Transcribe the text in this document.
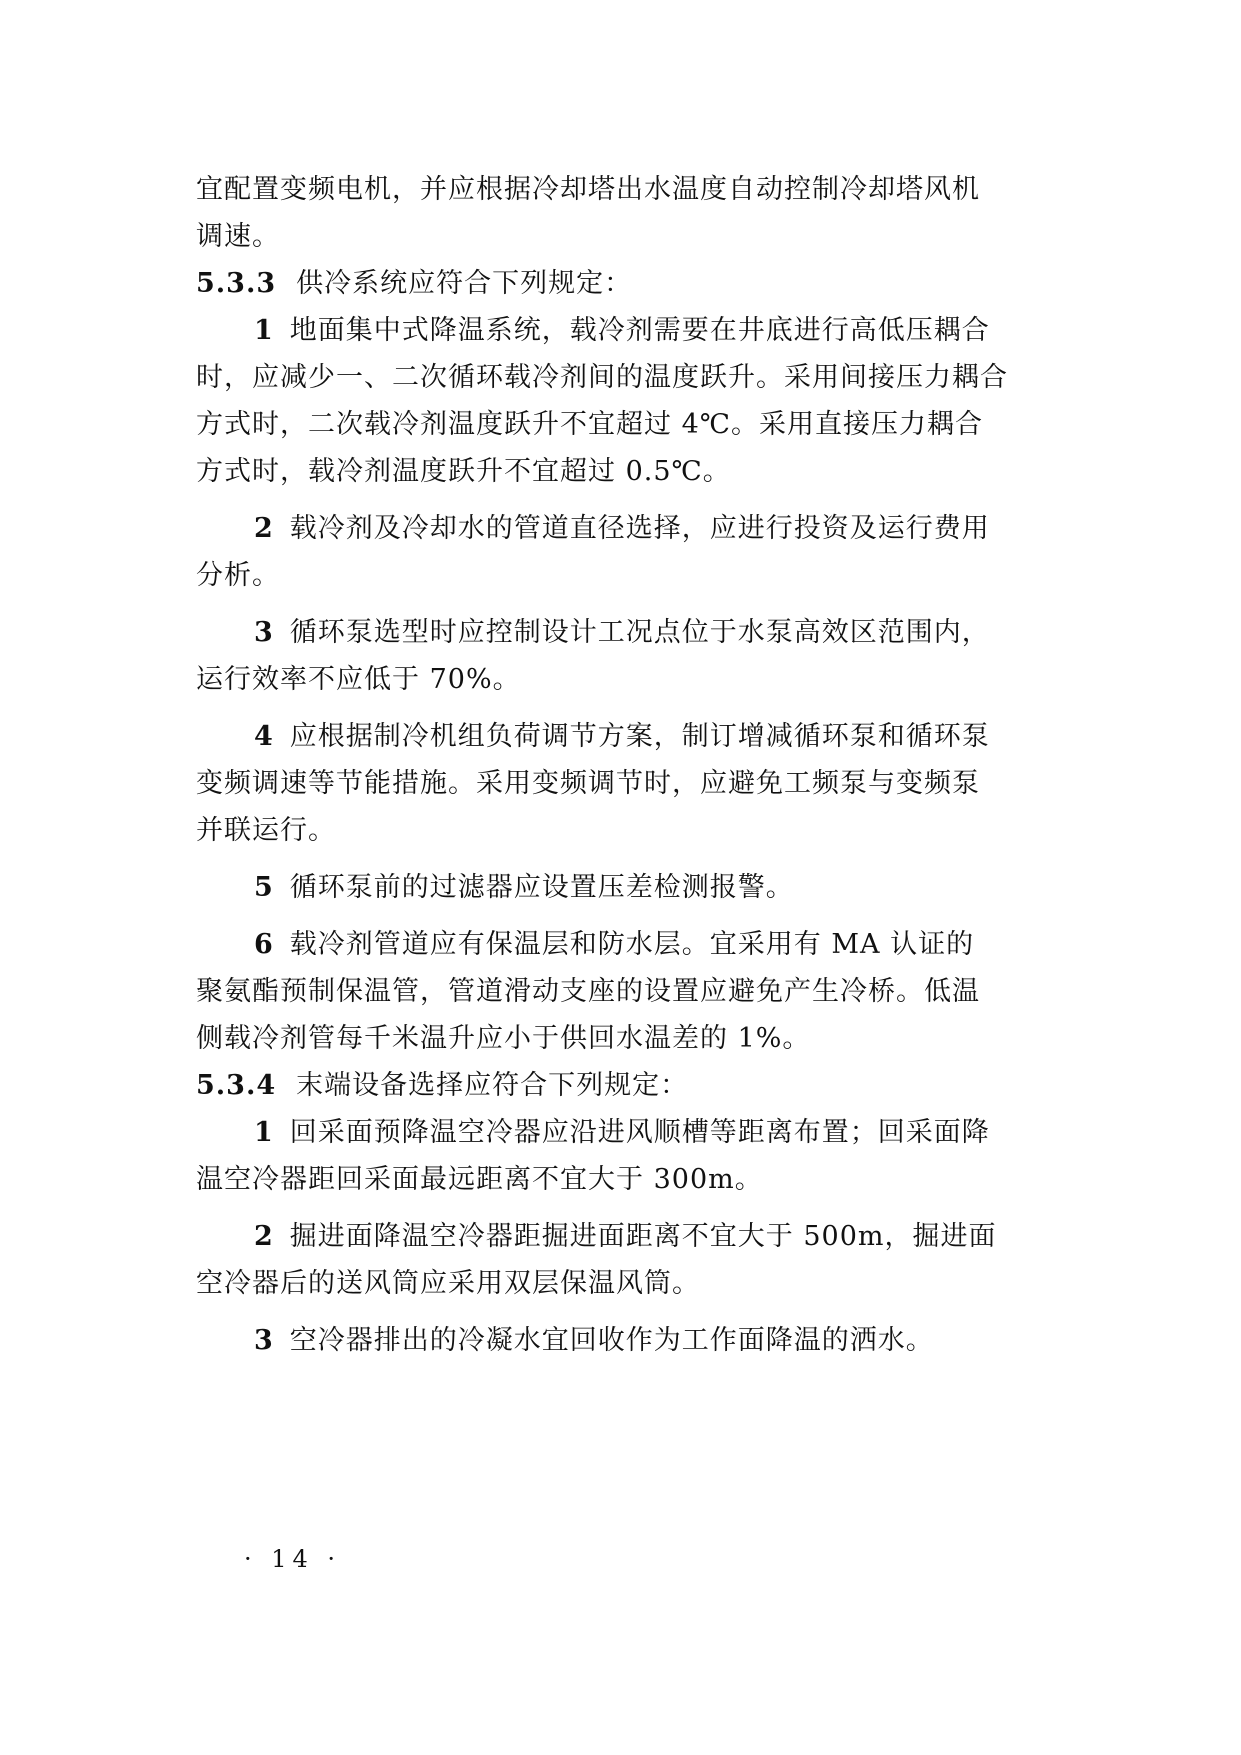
宜配置变频电机，并应根据冷却塔出水温度自动控制冷却塔风机
调速。
5.3.3 供冷系统应符合下列规定：
1 地面集中式降温系统，载冷剂需要在井底进行高低压耦合
时，应减少一、二次循环载冷剂间的温度跃升。采用间接压力耦合
方式时，二次载冷剂温度跃升不宜超过 4℃。采用直接压力耦合
方式时，载冷剂温度跃升不宜超过 0.5℃。
2 载冷剂及冷却水的管道直径选择，应进行投资及运行费用
分析。
3 循环泵选型时应控制设计工况点位于水泵高效区范围内，
运行效率不应低于 70%。
4 应根据制冷机组负荷调节方案，制订增减循环泵和循环泵
变频调速等节能措施。采用变频调节时，应避免工频泵与变频泵
并联运行。
5 循环泵前的过滤器应设置压差检测报警。
6 载冷剂管道应有保温层和防水层。宜采用有 MA 认证的
聚氨酯预制保温管，管道滑动支座的设置应避免产生冷桥。低温
侧载冷剂管每千米温升应小于供回水温差的 1%。
5.3.4 末端设备选择应符合下列规定：
1 回采面预降温空冷器应沿进风顺槽等距离布置；回采面降
温空冷器距回采面最远距离不宜大于 300m。
2 掘进面降温空冷器距掘进面距离不宜大于 500m，掘进面
空冷器后的送风筒应采用双层保温风筒。
3 空冷器排出的冷凝水宜回收作为工作面降温的洒水。
· 14 ·
